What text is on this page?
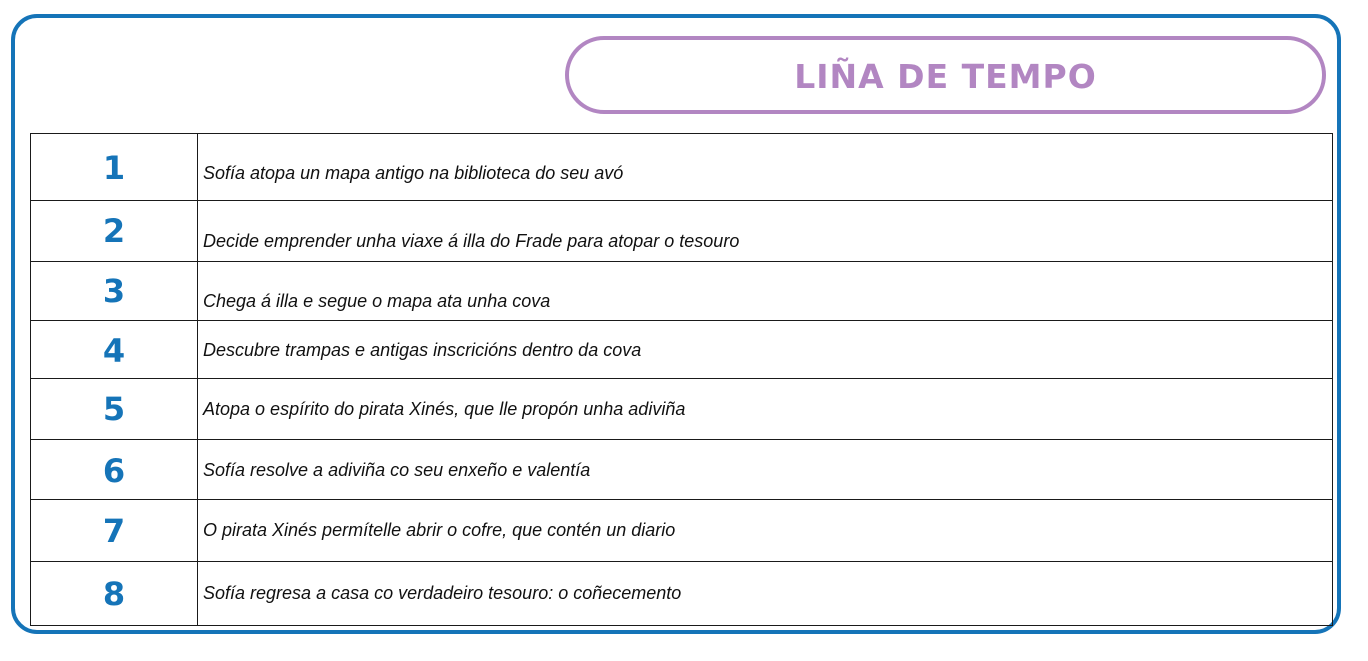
LIÑA DE TEMPO
1	Sofía atopa un mapa antigo na biblioteca do seu avó

2	Decide emprender unha viaxe á illa do Frade para atopar o tesouro

3	Chega á illa e segue o mapa ata unha cova

4	Descubre trampas e antigas inscricións dentro da cova

5	Atopa o espírito do pirata Xinés, que lle propón unha adiviña

6	Sofía resolve a adiviña co seu enxeño e valentía

7	O pirata Xinés permítelle abrir o cofre, que contén un diario

8	Sofía regresa a casa co verdadeiro tesouro: o coñecemento
